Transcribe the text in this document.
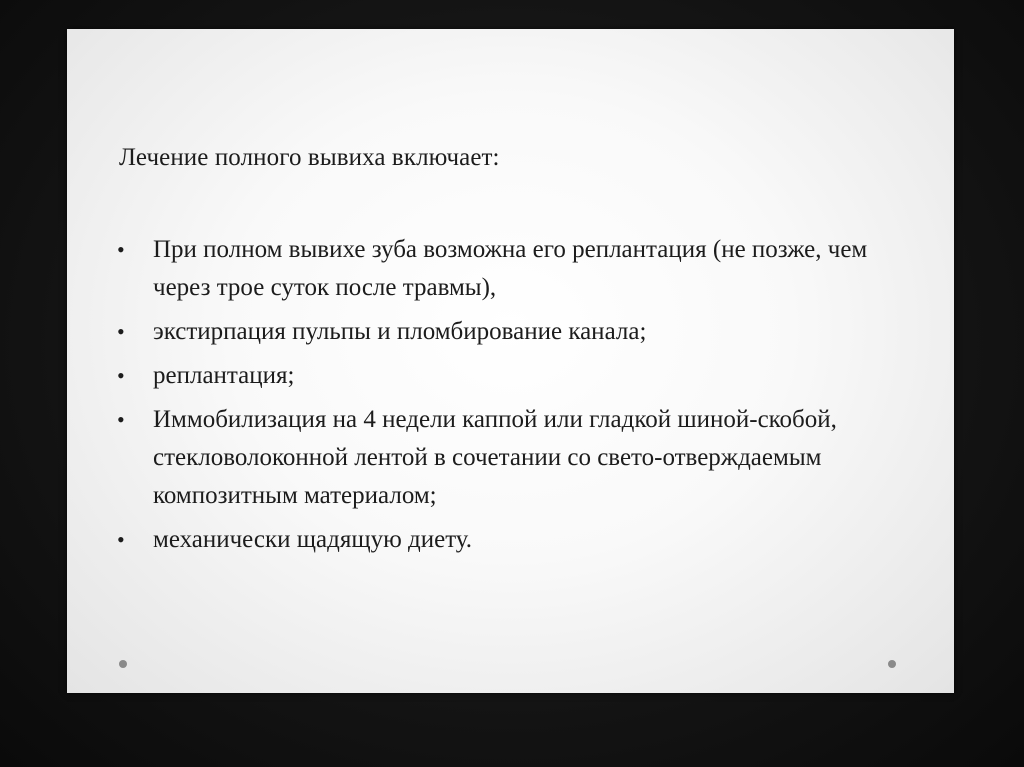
Лечение полного вывиха включает:
• При полном вывихе зуба возможна его реплантация (не позже, чем через трое суток после травмы),
• экстирпация пульпы и пломбирование канала;
• реплантация;
• Иммобилизация на 4 недели каппой или гладкой шиной-скобой, стекловолоконной лентой в сочетании со свето-отверждаемым композитным материалом;
• механически щадящую диету.
